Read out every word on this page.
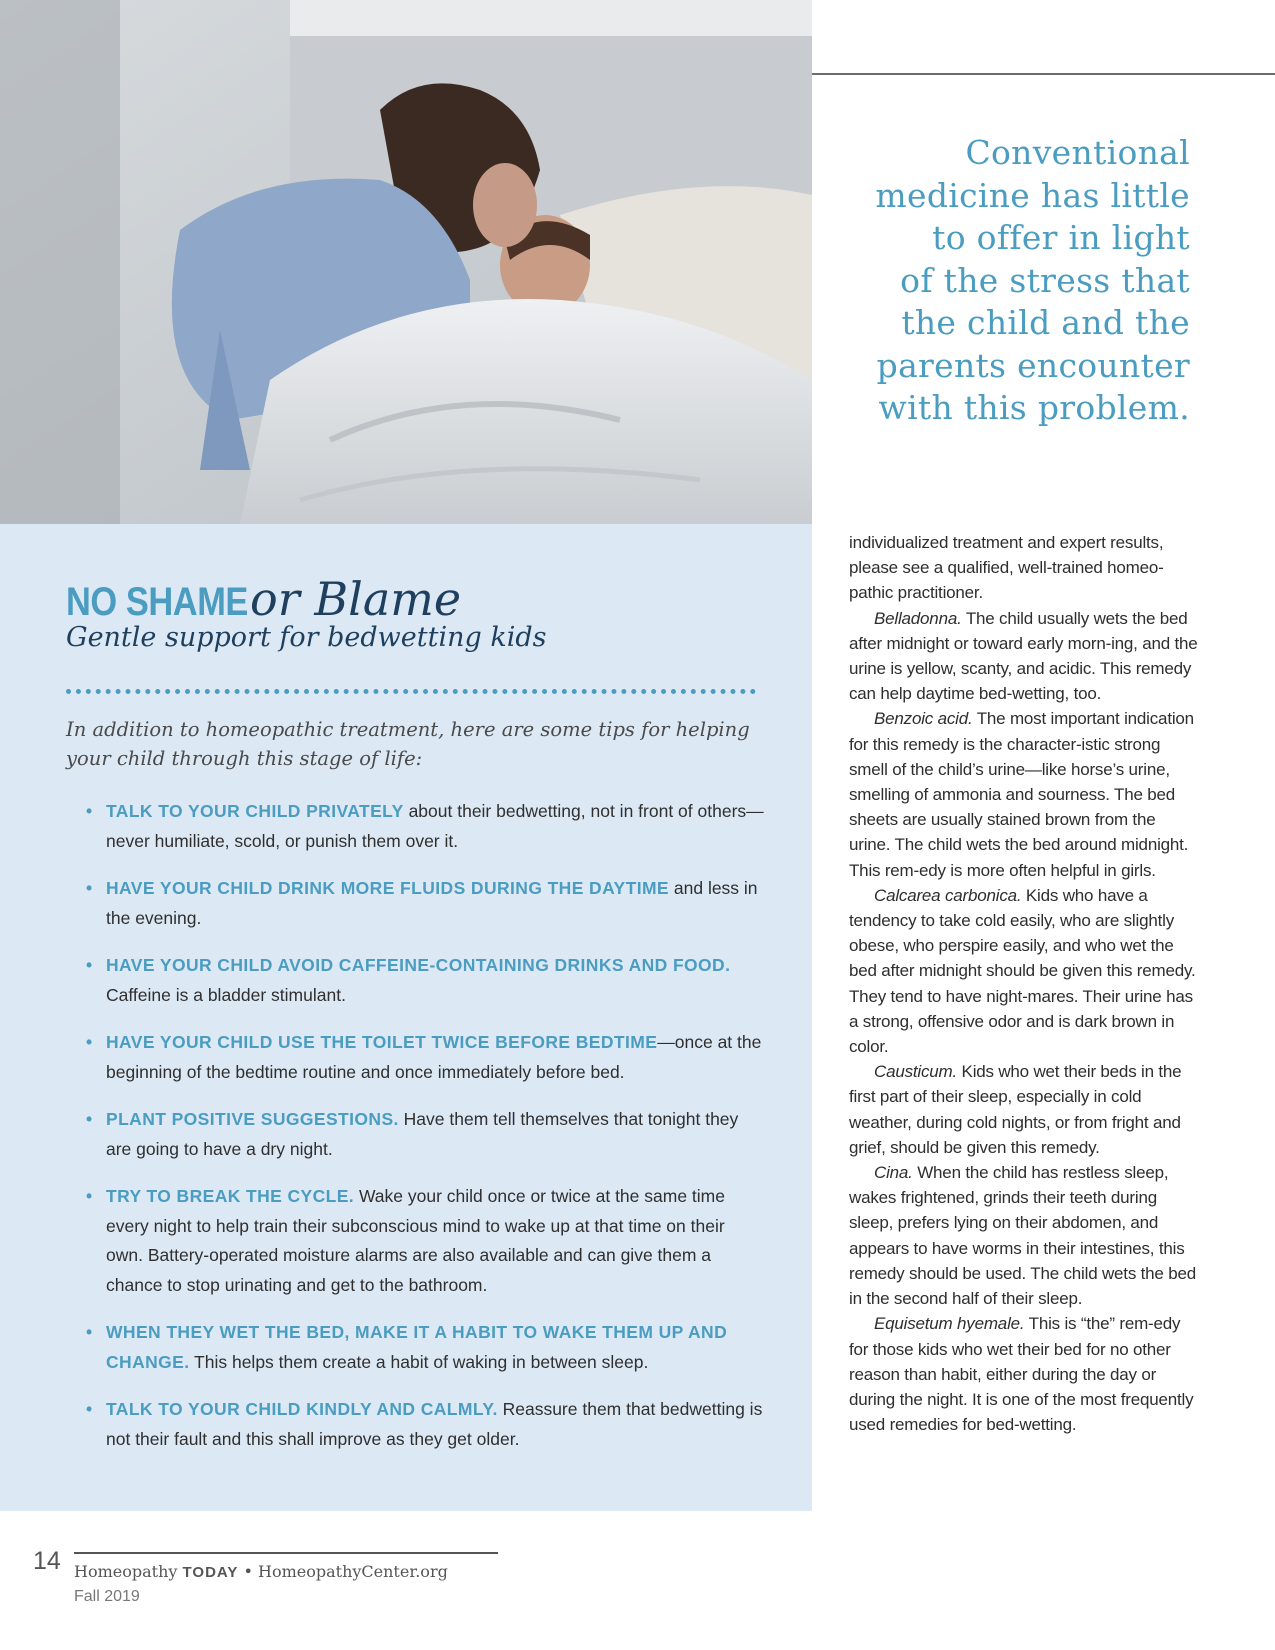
Conventional
medicine has little
to offer in light
of the stress that
the child and the
parents encounter
with this problem.
NO SHAME or Blame
Gentle support for bedwetting kids
In addition to homeopathic treatment, here are some tips for helping your child through this stage of life:
• TALK TO YOUR CHILD PRIVATELY about their bedwetting, not in front of others—never humiliate, scold, or punish them over it.
• HAVE YOUR CHILD DRINK MORE FLUIDS DURING THE DAYTIME and less in the evening.
• HAVE YOUR CHILD AVOID CAFFEINE-CONTAINING DRINKS AND FOOD. Caffeine is a bladder stimulant.
• HAVE YOUR CHILD USE THE TOILET TWICE BEFORE BEDTIME—once at the beginning of the bedtime routine and once immediately before bed.
• PLANT POSITIVE SUGGESTIONS. Have them tell themselves that tonight they are going to have a dry night.
• TRY TO BREAK THE CYCLE. Wake your child once or twice at the same time every night to help train their subconscious mind to wake up at that time on their own. Battery-operated moisture alarms are also available and can give them a chance to stop urinating and get to the bathroom.
• WHEN THEY WET THE BED, MAKE IT A HABIT TO WAKE THEM UP AND CHANGE. This helps them create a habit of waking in between sleep.
• TALK TO YOUR CHILD KINDLY AND CALMLY. Reassure them that bedwetting is not their fault and this shall improve as they get older.

individualized treatment and expert results, please see a qualified, well-trained homeo-pathic practitioner.

Belladonna. The child usually wets the bed after midnight or toward early morn-ing, and the urine is yellow, scanty, and acidic. This remedy can help daytime bed-wetting, too.

Benzoic acid. The most important indication for this remedy is the character-istic strong smell of the child’s urine—like horse’s urine, smelling of ammonia and sourness. The bed sheets are usually stained brown from the urine. The child wets the bed around midnight. This rem-edy is more often helpful in girls.

Calcarea carbonica. Kids who have a tendency to take cold easily, who are slightly obese, who perspire easily, and who wet the bed after midnight should be given this remedy. They tend to have night-mares. Their urine has a strong, offensive odor and is dark brown in color.

Causticum. Kids who wet their beds in the first part of their sleep, especially in cold weather, during cold nights, or from fright and grief, should be given this remedy.

Cina. When the child has restless sleep, wakes frightened, grinds their teeth during sleep, prefers lying on their abdomen, and appears to have worms in their intestines, this remedy should be used. The child wets the bed in the second half of their sleep.

Equisetum hyemale. This is “the” rem-edy for those kids who wet their bed for no other reason than habit, either during the day or during the night. It is one of the most frequently used remedies for bed-wetting.

14 Homeopathy TODAY • HomeopathyCenter.org
Fall 2019
